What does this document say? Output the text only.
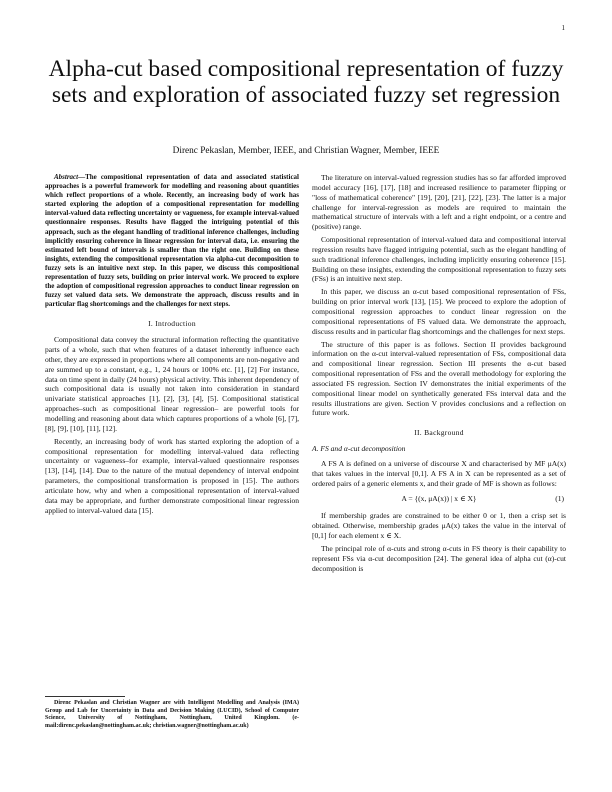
1
Alpha-cut based compositional representation of fuzzy sets and exploration of associated fuzzy set regression
Direnc Pekaslan, Member, IEEE, and Christian Wagner, Member, IEEE

Abstract—The compositional representation of data and associated statistical approaches is a powerful framework for modelling and reasoning about quantities which reflect proportions of a whole. Recently, an increasing body of work has started exploring the adoption of a compositional representation for modelling interval-valued data reflecting uncertainty or vagueness, for example interval-valued questionnaire responses. Results have flagged the intriguing potential of this approach, such as the elegant handling of traditional inference challenges, including implicitly ensuring coherence in linear regression for interval data, i.e. ensuring the estimated left bound of intervals is smaller than the right one. Building on these insights, extending the compositional representation via alpha-cut decomposition to fuzzy sets is an intuitive next step. In this paper, we discuss this compositional representation of fuzzy sets, building on prior interval work. We proceed to explore the adoption of compositional regression approaches to conduct linear regression on fuzzy set valued data sets. We demonstrate the approach, discuss results and in particular flag shortcomings and the challenges for next steps.

I. Introduction

Compositional data convey the structural information reflecting the quantitative parts of a whole, such that when features of a dataset inherently influence each other, they are expressed in proportions where all components are non-negative and are summed up to a constant, e.g., 1, 24 hours or 100% etc. [1], [2] For instance, data on time spent in daily (24 hours) physical activity. This inherent dependency of such compositional data is usually not taken into consideration in standard univariate statistical approaches [1], [2], [3], [4], [5]. Compositional statistical approaches–such as compositional linear regression– are powerful tools for modelling and reasoning about data which captures proportions of a whole [6], [7], [8], [9], [10], [11], [12].

Recently, an increasing body of work has started exploring the adoption of a compositional representation for modelling interval-valued data reflecting uncertainty or vagueness–for example, interval-valued questionnaire responses [13], [14], [14]. Due to the nature of the mutual dependency of interval endpoint parameters, the compositional transformation is proposed in [15]. The authors articulate how, why and when a compositional representation of interval-valued data may be appropriate, and further demonstrate compositional linear regression applied to interval-valued data [15].

The literature on interval-valued regression studies has so far afforded improved model accuracy [16], [17], [18] and increased resilience to parameter flipping or "loss of mathematical coherence" [19], [20], [21], [22], [23]. The latter is a major challenge for interval-regression as models are required to maintain the mathematical structure of intervals with a left and a right endpoint, or a centre and (positive) range.

Compositional representation of interval-valued data and compositional interval regression results have flagged intriguing potential, such as the elegant handling of such traditional inference challenges, including implicitly ensuring coherence [15]. Building on these insights, extending the compositional representation to fuzzy sets (FSs) is an intuitive next step.

In this paper, we discuss an α-cut based compositional representation of FSs, building on prior interval work [13], [15]. We proceed to explore the adoption of compositional regression approaches to conduct linear regression on the compositional representations of FS valued data. We demonstrate the approach, discuss results and in particular flag shortcomings and the challenges for next steps.

The structure of this paper is as follows. Section II provides background information on the α-cut interval-valued representation of FSs, compositional data and compositional linear regression. Section III presents the α-cut based compositional representation of FSs and the overall methodology for exploring the associated FS regression. Section IV demonstrates the initial experiments of the compositional linear model on synthetically generated FSs interval data and the results illustrations are given. Section V provides conclusions and a reflection on future work.

II. Background
A. FS and α-cut decomposition

A FS A is defined on a universe of discourse X and characterised by MF μA(x) that takes values in the interval [0,1]. A FS A in X can be represented as a set of ordered pairs of a generic elements x, and their grade of MF is shown as follows:

A = {(x, μA(x)) | x ∈ X}	(1)

If membership grades are constrained to be either 0 or 1, then a crisp set is obtained. Otherwise, membership grades μA(x) takes the value in the interval of [0,1] for each element x ∈ X.

The principal role of α-cuts and strong α-cuts in FS theory is their capability to represent FSs via α-cut decomposition [24]. The general idea of alpha cut (α)-cut decomposition is

Direnc Pekaslan and Christian Wagner are with Intelligent Modelling and Analysis (IMA) Group and Lab for Uncertainty in Data and Decision Making (LUCID), School of Computer Science, University of Nottingham, Nottingham, United Kingdom. (e-mail:direnc.pekaslan@nottingham.ac.uk; christian.wagner@nottingham.ac.uk)
